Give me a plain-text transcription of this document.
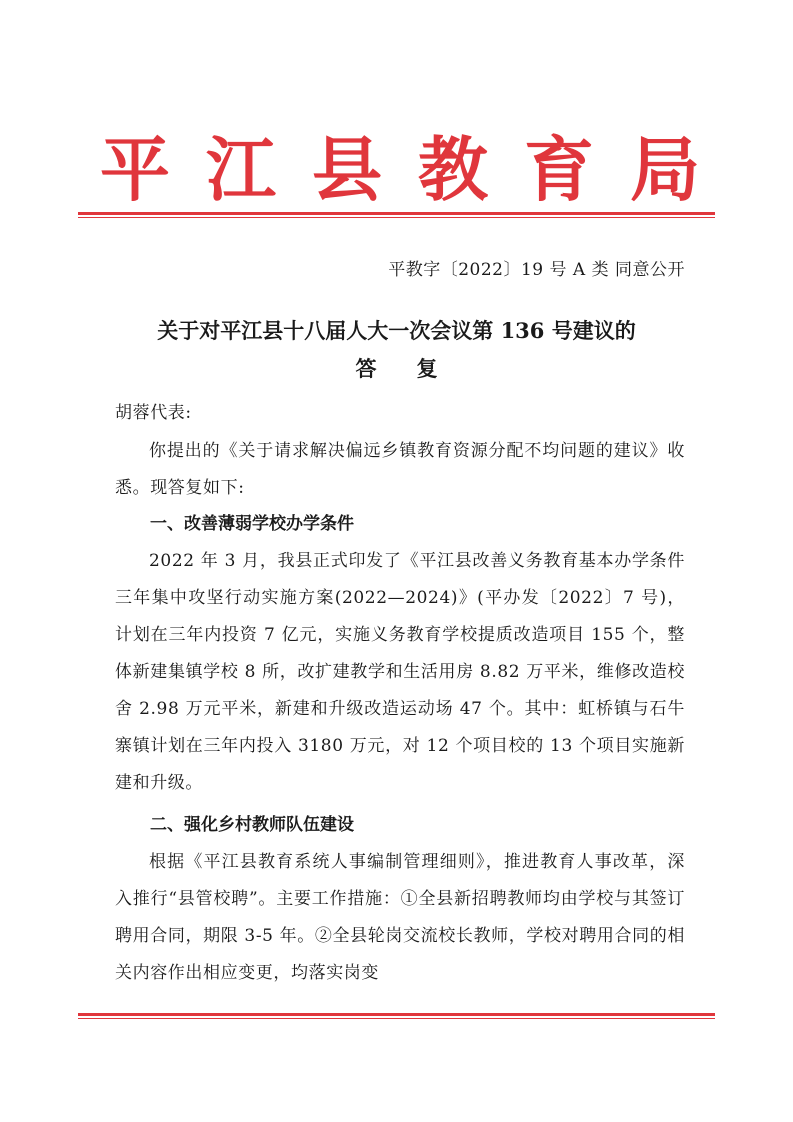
平 江 县 教 育 局
平教字〔2022〕19 号 A 类 同意公开
关于对平江县十八届人大一次会议第 136 号建议的
答复
胡蓉代表:
你提出的《关于请求解决偏远乡镇教育资源分配不均问题的建议》收悉。现答复如下:
一、改善薄弱学校办学条件
2022 年 3 月，我县正式印发了《平江县改善义务教育基本办学条件三年集中攻坚行动实施方案(2022—2024)》(平办发〔2022〕7 号)，计划在三年内投资 7 亿元，实施义务教育学校提质改造项目 155 个，整体新建集镇学校 8 所，改扩建教学和生活用房 8.82 万平米，维修改造校舍 2.98 万元平米，新建和升级改造运动场 47 个。其中：虹桥镇与石牛寨镇计划在三年内投入 3180 万元，对 12 个项目校的 13 个项目实施新建和升级。
二、强化乡村教师队伍建设
根据《平江县教育系统人事编制管理细则》，推进教育人事改革，深入推行“县管校聘”。主要工作措施：①全县新招聘教师均由学校与其签订聘用合同，期限 3-5 年。②全县轮岗交流校长教师，学校对聘用合同的相关内容作出相应变更，均落实岗变
